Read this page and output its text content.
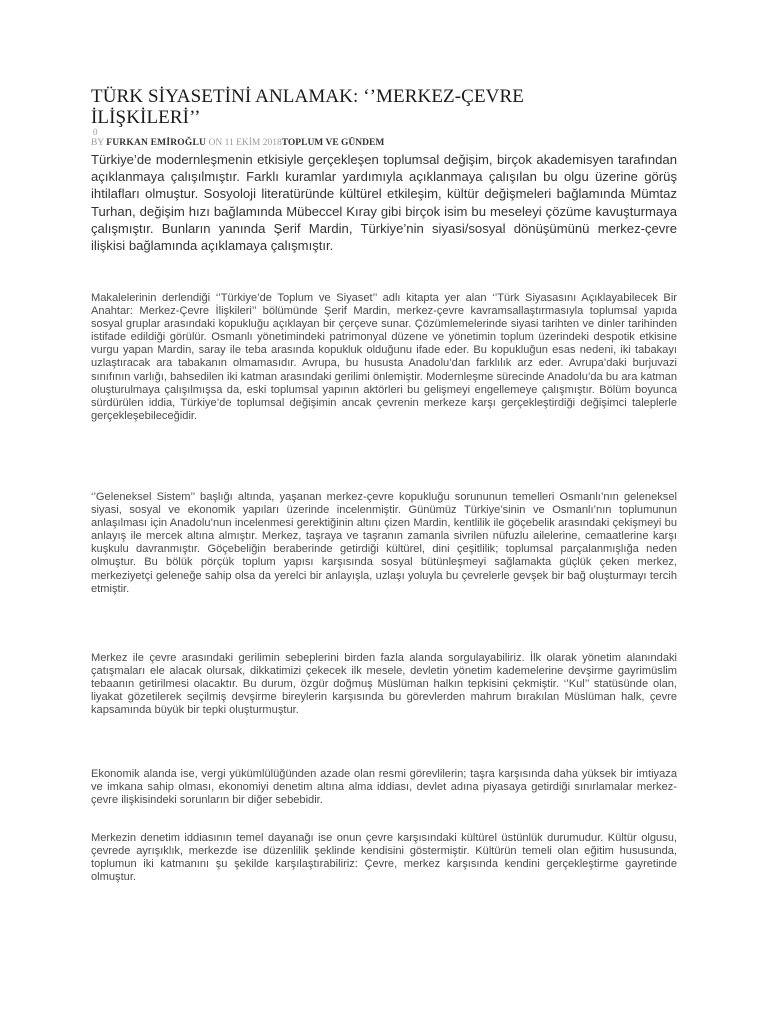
TÜRK SİYASETİNİ ANLAMAK: ‘’MERKEZ-ÇEVRE İLİŞKİLERİ’’
0
BY FURKAN EMİROĞLU ON 11 EKİM 2018TOPLUM VE GÜNDEM

Türkiye’de modernleşmenin etkisiyle gerçekleşen toplumsal değişim, birçok akademisyen tarafından açıklanmaya çalışılmıştır. Farklı kuramlar yardımıyla açıklanmaya çalışılan bu olgu üzerine görüş ihtilafları olmuştur. Sosyoloji literatüründe kültürel etkileşim, kültür değişmeleri bağlamında Mümtaz Turhan, değişim hızı bağlamında Mübeccel Kıray gibi birçok isim bu meseleyi çözüme kavuşturmaya çalışmıştır. Bunların yanında Şerif Mardin, Türkiye’nin siyasi/sosyal dönüşümünü merkez-çevre ilişkisi bağlamında açıklamaya çalışmıştır.

Makalelerinin derlendiği ‘’Türkiye’de Toplum ve Siyaset’’ adlı kitapta yer alan ‘’Türk Siyasasını Açıklayabilecek Bir Anahtar: Merkez-Çevre İlişkileri’’ bölümünde Şerif Mardin, merkez-çevre kavramsallaştırmasıyla toplumsal yapıda sosyal gruplar arasındaki kopukluğu açıklayan bir çerçeve sunar. Çözümlemelerinde siyasi tarihten ve dinler tarihinden istifade edildiği görülür. Osmanlı yönetimindeki patrimonyal düzene ve yönetimin toplum üzerindeki despotik etkisine vurgu yapan Mardin, saray ile teba arasında kopukluk olduğunu ifade eder. Bu kopukluğun esas nedeni, iki tabakayı uzlaştıracak ara tabakanın olmamasıdır. Avrupa, bu hususta Anadolu’dan farklılık arz eder. Avrupa’daki burjuvazi sınıfının varlığı, bahsedilen iki katman arasındaki gerilimi önlemiştir. Modernleşme sürecinde Anadolu’da bu ara katman oluşturulmaya çalışılmışsa da, eski toplumsal yapının aktörleri bu gelişmeyi engellemeye çalışmıştır. Bölüm boyunca sürdürülen iddia, Türkiye’de toplumsal değişimin ancak çevrenin merkeze karşı gerçekleştirdiği değişimci taleplerle gerçekleşebileceğidir.

‘’Geleneksel Sistem’’ başlığı altında, yaşanan merkez-çevre kopukluğu sorununun temelleri Osmanlı’nın geleneksel siyasi, sosyal ve ekonomik yapıları üzerinde incelenmiştir. Günümüz Türkiye’sinin ve Osmanlı’nın toplumunun anlaşılması için Anadolu’nun incelenmesi gerektiğinin altını çizen Mardin, kentlilik ile göçebelik arasındaki çekişmeyi bu anlayış ile mercek altına almıştır. Merkez, taşraya ve taşranın zamanla sivrilen nüfuzlu ailelerine, cemaatlerine karşı kuşkulu davranmıştır. Göçebeliğin beraberinde getirdiği kültürel, dini çeşitlilik; toplumsal parçalanmışlığa neden olmuştur. Bu bölük pörçük toplum yapısı karşısında sosyal bütünleşmeyi sağlamakta güçlük çeken merkez, merkeziyetçi geleneğe sahip olsa da yerelci bir anlayışla, uzlaşı yoluyla bu çevrelerle gevşek bir bağ oluşturmayı tercih etmiştir.

Merkez ile çevre arasındaki gerilimin sebeplerini birden fazla alanda sorgulayabiliriz. İlk olarak yönetim alanındaki çatışmaları ele alacak olursak, dikkatimizi çekecek ilk mesele, devletin yönetim kademelerine devşirme gayrimüslim tebaanın getirilmesi olacaktır. Bu durum, özgür doğmuş Müslüman halkın tepkisini çekmiştir. ‘’Kul’’ statüsünde olan, liyakat gözetilerek seçilmiş devşirme bireylerin karşısında bu görevlerden mahrum bırakılan Müslüman halk, çevre kapsamında büyük bir tepki oluşturmuştur.

Ekonomik alanda ise, vergi yükümlülüğünden azade olan resmi görevlilerin; taşra karşısında daha yüksek bir imtiyaza ve imkana sahip olması, ekonomiyi denetim altına alma iddiası, devlet adına piyasaya getirdiği sınırlamalar merkez-çevre ilişkisindeki sorunların bir diğer sebebidir.

Merkezin denetim iddiasının temel dayanağı ise onun çevre karşısındaki kültürel üstünlük durumudur. Kültür olgusu, çevrede ayrışıklık, merkezde ise düzenlilik şeklinde kendisini göstermiştir. Kültürün temeli olan eğitim hususunda, toplumun iki katmanını şu şekilde karşılaştırabiliriz: Çevre, merkez karşısında kendini gerçekleştirme gayretinde olmuştur.
